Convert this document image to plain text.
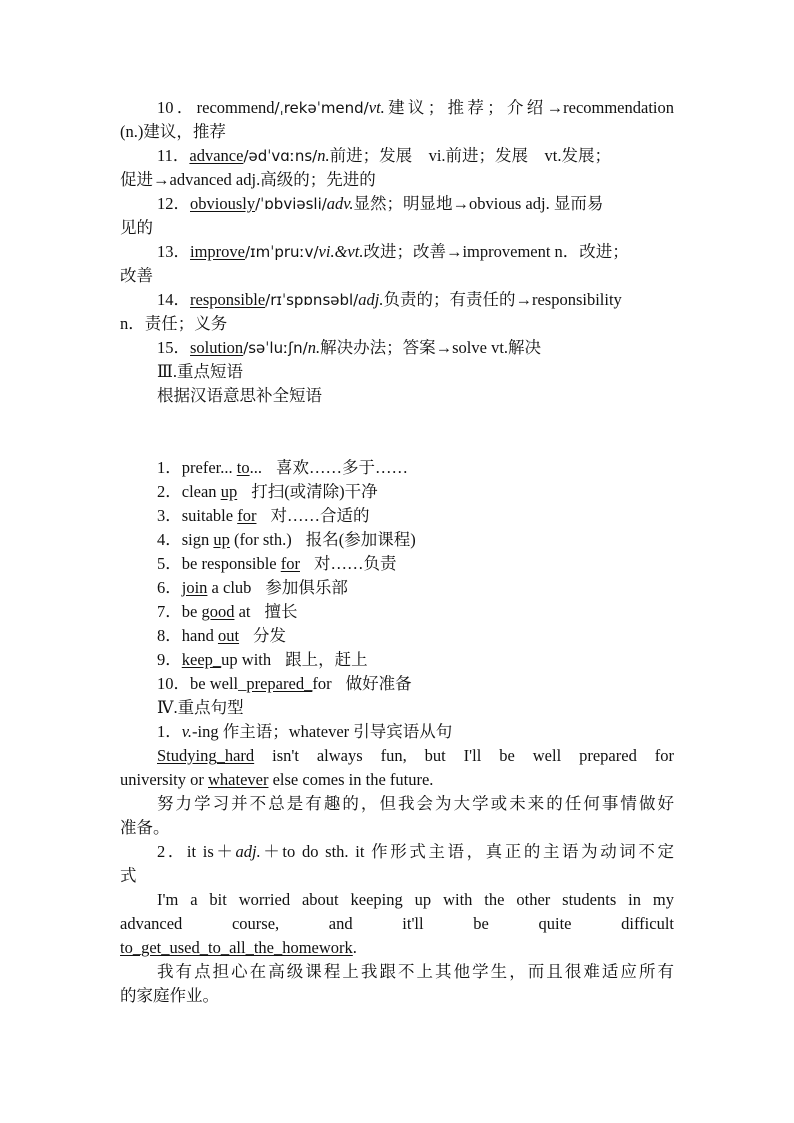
10．recommend/ˌrekəˈmend/vt.建议；推荐；介绍→recommendation
(n.)建议，推荐
11．advance/ədˈvɑːns/n.前进；发展　vi.前进；发展　vt.发展；
促进→advanced adj.高级的；先进的
12．obviously/ˈɒbviəsli/adv.显然；明显地→obvious adj. 显而易
见的
13．improve/ɪmˈpruːv/vi.&vt.改进；改善→improvement n．改进；
改善
14．responsible/rɪˈspɒnsəbl/adj.负责的；有责任的→responsibility
n．责任；义务
15．solution/səˈluːʃn/n.解决办法；答案→solve vt.解决
Ⅲ.重点短语
根据汉语意思补全短语
1．prefer... to... 喜欢……多于……
2．clean up 打扫(或清除)干净
3．suitable for 对……合适的
4．sign up (for sth.) 报名(参加课程)
5．be responsible for 对……负责
6．join a club 参加俱乐部
7．be good at 擅长
8．hand out 分发
9．keep_up with 跟上，赶上
10．be well_prepared_for 做好准备
Ⅳ.重点句型
1．v.-ing 作主语；whatever 引导宾语从句
Studying_hard isn't always fun, but I'll be well prepared for
university or whatever else comes in the future.
努力学习并不总是有趣的，但我会为大学或未来的任何事情做好
准备。
2．it is＋adj.＋to do sth. it 作形式主语，真正的主语为动词不定
式
I'm a bit worried about keeping up with the other students in my
advanced course, and it'll be quite difficult
to_get_used_to_all_the_homework.
我有点担心在高级课程上我跟不上其他学生，而且很难适应所有
的家庭作业。
